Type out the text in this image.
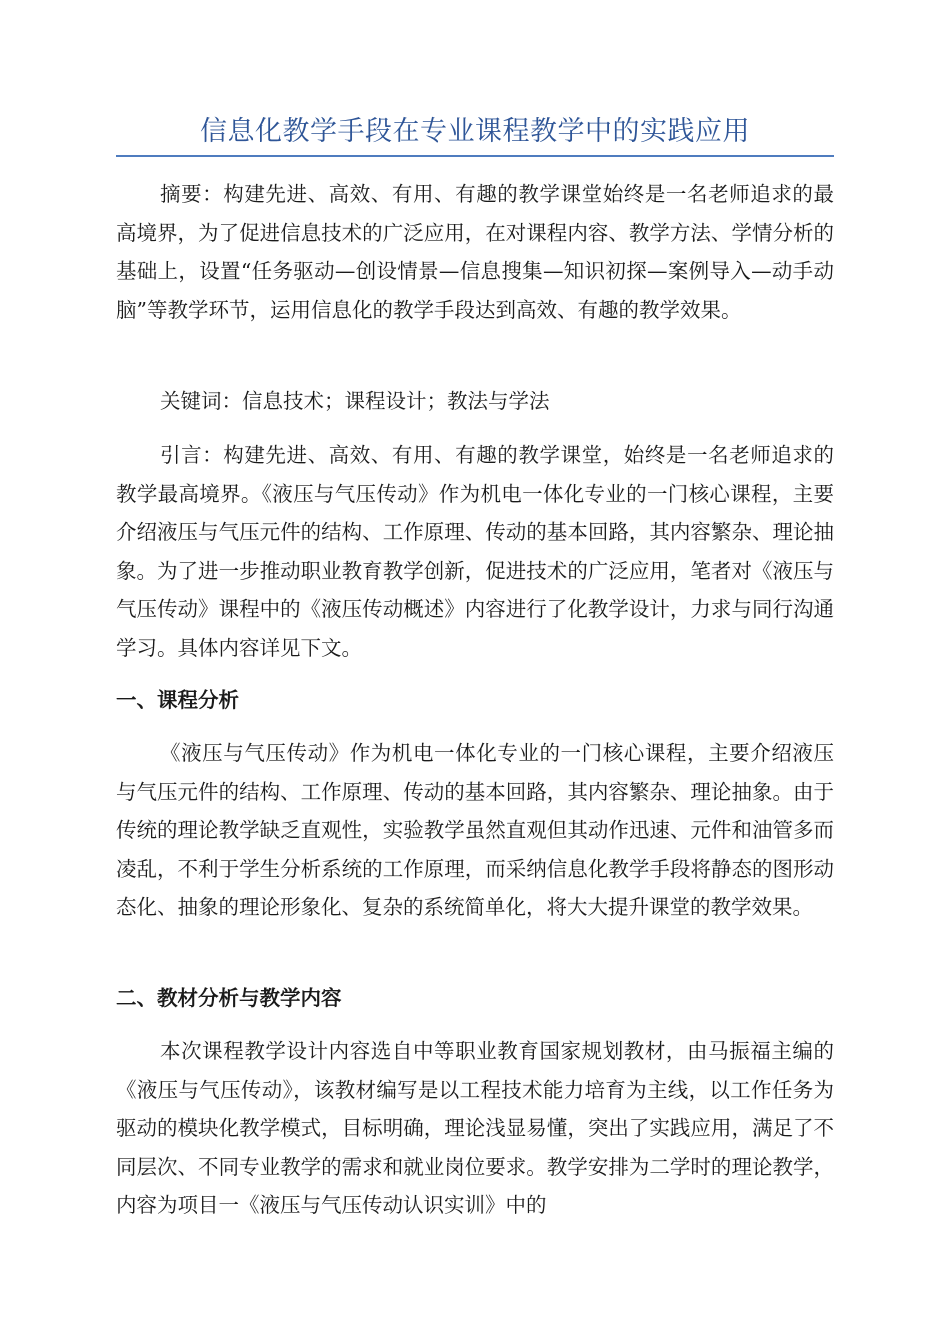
信息化教学手段在专业课程教学中的实践应用
摘要：构建先进、高效、有用、有趣的教学课堂始终是一名老师追求的最高境界，为了促进信息技术的广泛应用，在对课程内容、教学方法、学情分析的基础上，设置“任务驱动—创设情景—信息搜集—知识初探—案例导入—动手动脑”等教学环节，运用信息化的教学手段达到高效、有趣的教学效果。
关键词：信息技术；课程设计；教法与学法
引言：构建先进、高效、有用、有趣的教学课堂，始终是一名老师追求的教学最高境界。《液压与气压传动》作为机电一体化专业的一门核心课程，主要介绍液压与气压元件的结构、工作原理、传动的基本回路，其内容繁杂、理论抽象。为了进一步推动职业教育教学创新，促进技术的广泛应用，笔者对《液压与气压传动》课程中的《液压传动概述》内容进行了化教学设计，力求与同行沟通学习。具体内容详见下文。
一、课程分析
《液压与气压传动》作为机电一体化专业的一门核心课程，主要介绍液压与气压元件的结构、工作原理、传动的基本回路，其内容繁杂、理论抽象。由于传统的理论教学缺乏直观性，实验教学虽然直观但其动作迅速、元件和油管多而凌乱，不利于学生分析系统的工作原理，而采纳信息化教学手段将静态的图形动态化、抽象的理论形象化、复杂的系统简单化，将大大提升课堂的教学效果。
二、教材分析与教学内容
本次课程教学设计内容选自中等职业教育国家规划教材，由马振福主编的《液压与气压传动》，该教材编写是以工程技术能力培育为主线，以工作任务为驱动的模块化教学模式，目标明确，理论浅显易懂，突出了实践应用，满足了不同层次、不同专业教学的需求和就业岗位要求。教学安排为二学时的理论教学，内容为项目一《液压与气压传动认识实训》中的
